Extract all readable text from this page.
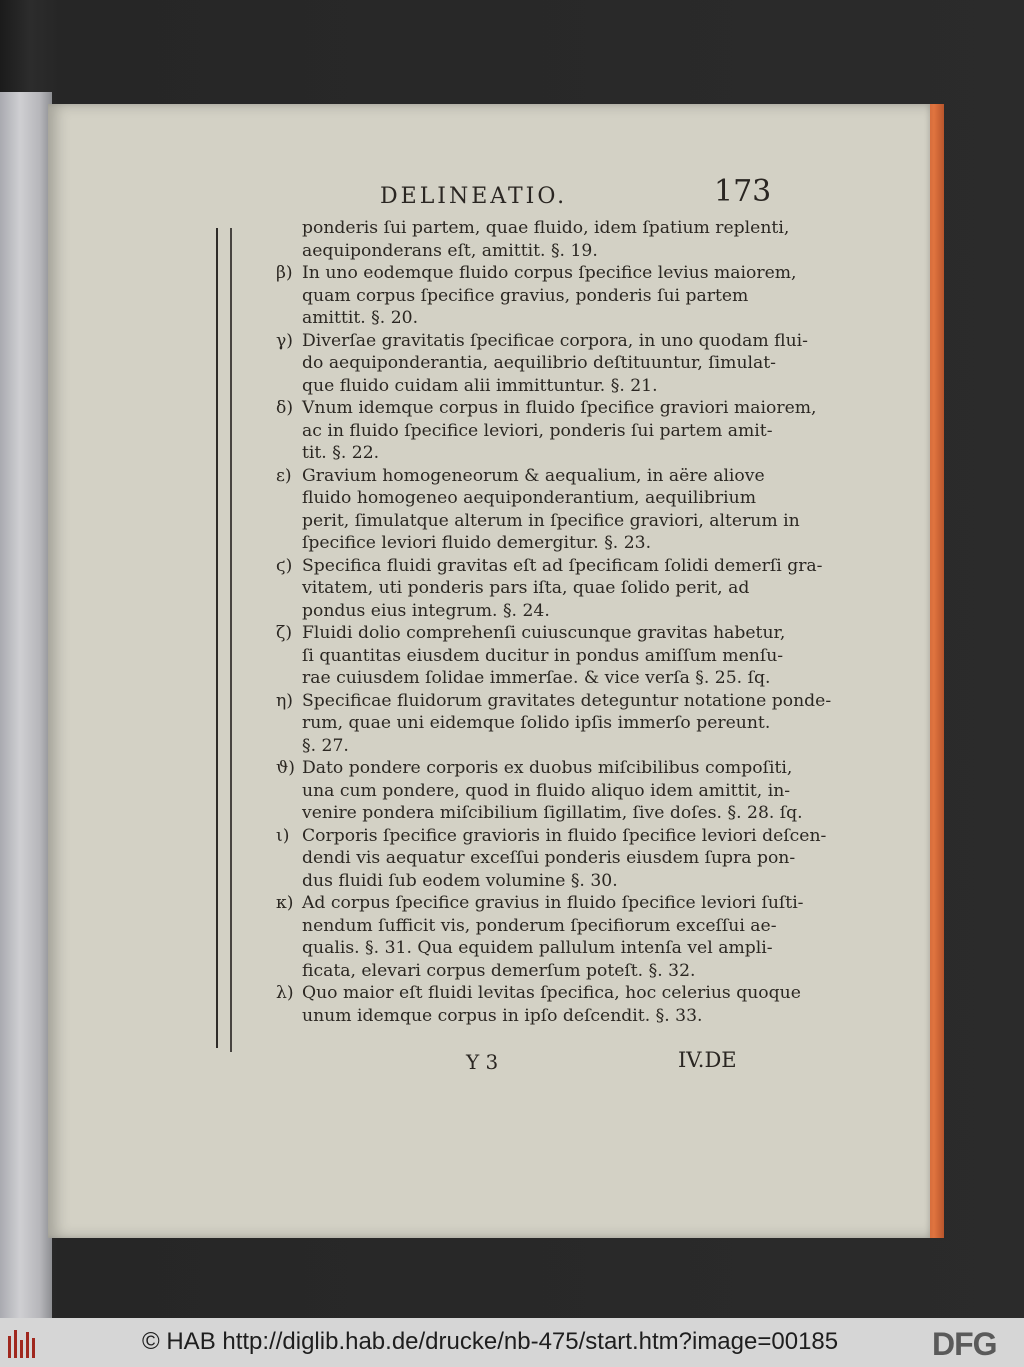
DELINEATIO.	173
ponderis ſui partem, quae fluido, idem ſpatium replenti,
aequiponderans eſt, amittit. §. 19.
β) In uno eodemque fluido corpus ſpecifice levius maiorem,
quam corpus ſpecifice gravius, ponderis ſui partem
amittit. §. 20.
γ) Diverſae gravitatis ſpecificae corpora, in uno quodam flui-
do aequiponderantia, aequilibrio deſtituuntur, ſimulat-
que fluido cuidam alii immittuntur. §. 21.
δ) Vnum idemque corpus in fluido ſpecifice graviori maiorem,
ac in fluido ſpecifice leviori, ponderis ſui partem amit-
tit. §. 22.
ε) Gravium homogeneorum & aequalium, in aëre aliove
fluido homogeneo aequiponderantium, aequilibrium
perit, ſimulatque alterum in ſpecifice graviori, alterum in
ſpecifice leviori fluido demergitur. §. 23.
ϛ) Specifica fluidi gravitas eſt ad ſpecificam ſolidi demerſi gra-
vitatem, uti ponderis pars iſta, quae ſolido perit, ad
pondus eius integrum. §. 24.
ζ) Fluidi dolio comprehenſi cuiuscunque gravitas habetur,
ſi quantitas eiusdem ducitur in pondus amiſſum menſu-
rae cuiusdem ſolidae immerſae. & vice verſa §. 25. ſq.
η) Specificae fluidorum gravitates deteguntur notatione ponde-
rum, quae uni eidemque ſolido ipſis immerſo pereunt.
§. 27.
ϑ) Dato pondere corporis ex duobus miſcibilibus compoſiti,
una cum pondere, quod in fluido aliquo idem amittit, in-
venire pondera miſcibilium ſigillatim, ſive doſes. §. 28. ſq.
ι) Corporis ſpecifice gravioris in fluido ſpecifice leviori deſcen-
dendi vis aequatur exceſſui ponderis eiusdem ſupra pon-
dus fluidi ſub eodem volumine §. 30.
κ) Ad corpus ſpecifice gravius in fluido ſpecifice leviori ſuſti-
nendum ſufficit vis, ponderum ſpecifiorum exceſſui ae-
qualis. §. 31. Qua equidem pallulum intenſa vel ampli-
ficata, elevari corpus demerſum poteſt. §. 32.
λ) Quo maior eſt fluidi levitas ſpecifica, hoc celerius quoque
unum idemque corpus in ipſo deſcendit. §. 33.
Y 3	IV.DE
© HAB http://diglib.hab.de/drucke/nb-475/start.htm?image=00185	DFG
